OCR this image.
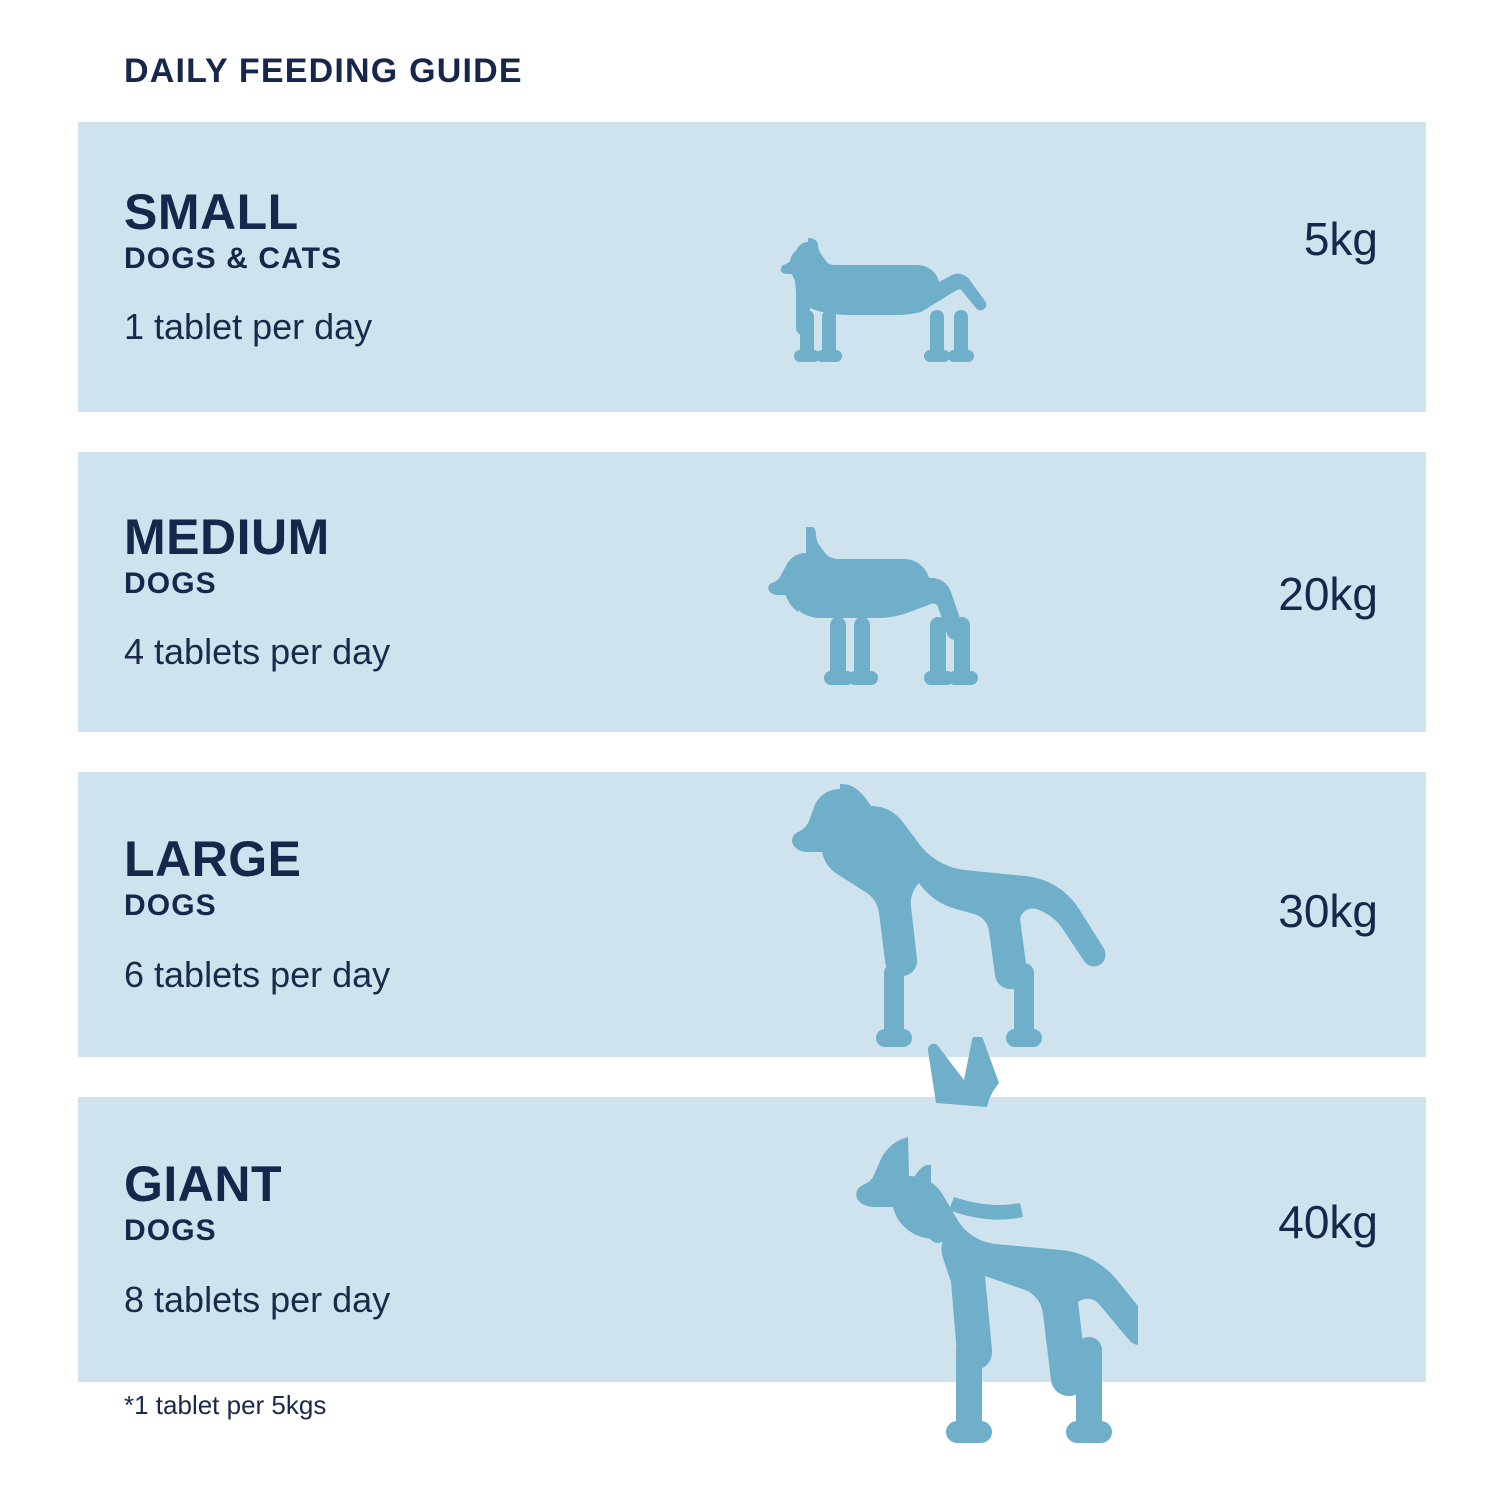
DAILY FEEDING GUIDE
SMALL
DOGS & CATS
1 tablet per day
5kg
MEDIUM
DOGS
4 tablets per day
20kg
LARGE
DOGS
6 tablets per day
30kg
GIANT
DOGS
8 tablets per day
40kg
*1 tablet per 5kgs
